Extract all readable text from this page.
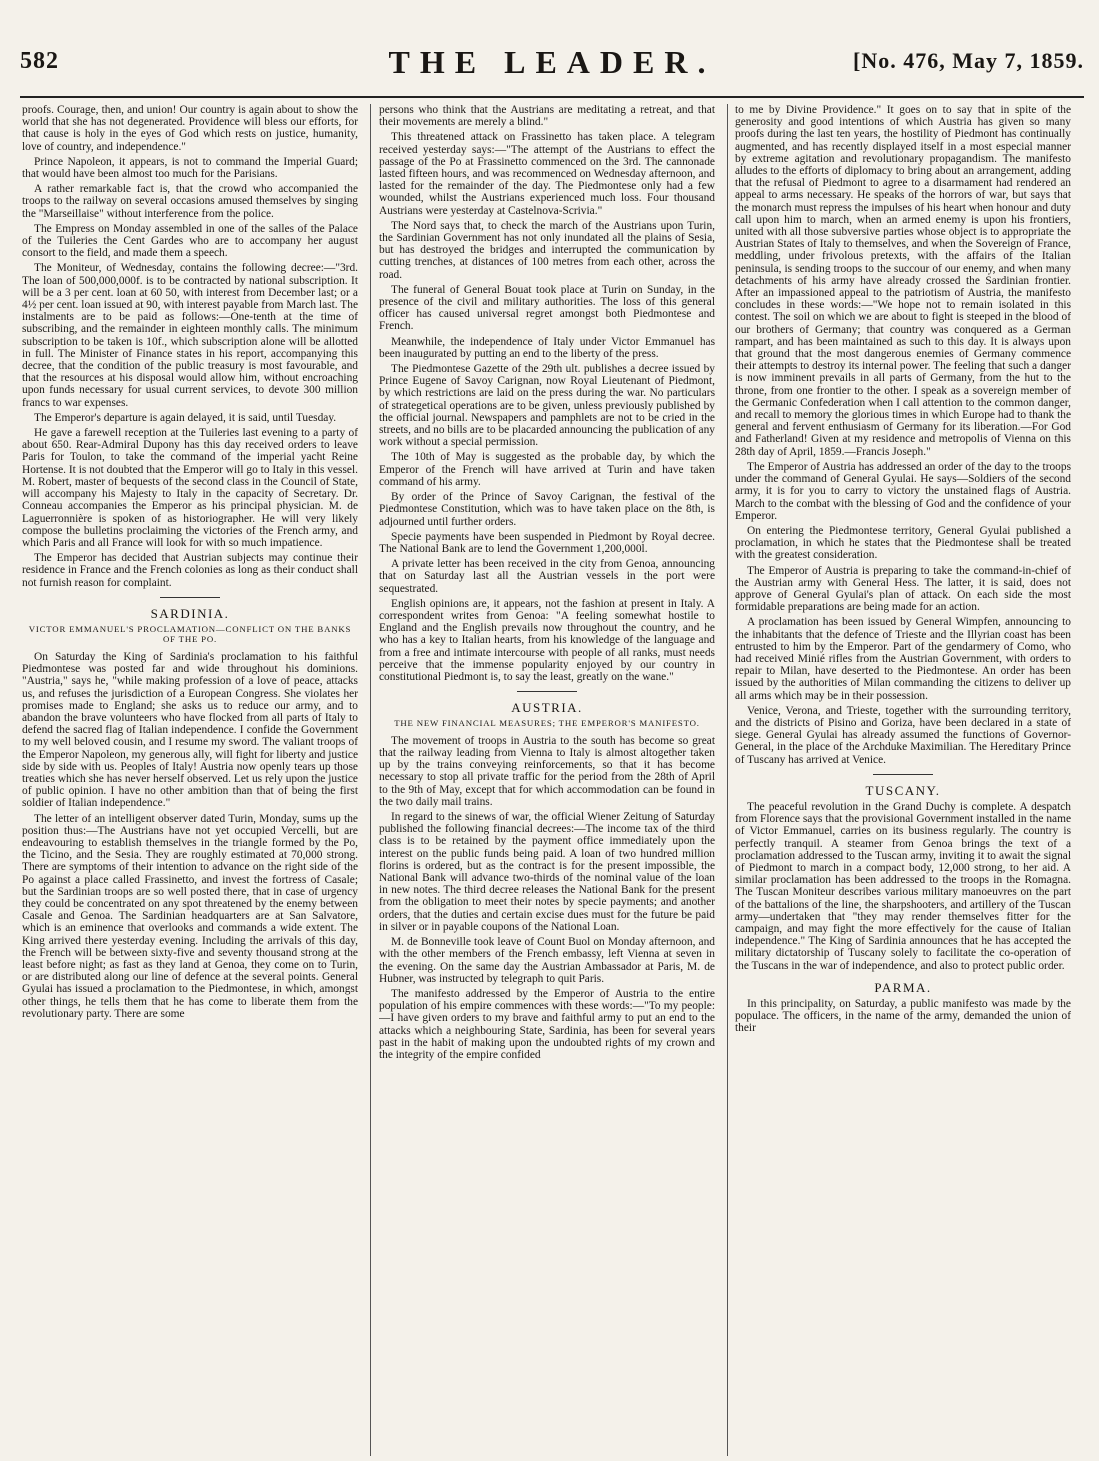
582	THE LEADER.	[No. 476, May 7, 1859.

proofs. Courage, then, and union! Our country is again about to show the world that she has not degenerated. Providence will bless our efforts, for that cause is holy in the eyes of God which rests on justice, humanity, love of country, and independence."

Prince Napoleon, it appears, is not to command the Imperial Guard; that would have been almost too much for the Parisians.

A rather remarkable fact is, that the crowd who accompanied the troops to the railway on several occasions amused themselves by singing the "Marseillaise" without interference from the police.

The Empress on Monday assembled in one of the salles of the Palace of the Tuileries the Cent Gardes who are to accompany her august consort to the field, and made them a speech.

The Moniteur, of Wednesday, contains the following decree:—"3rd. The loan of 500,000,000f. is to be contracted by national subscription. It will be a 3 per cent. loan at 60 50, with interest from December last; or a 4½ per cent. loan issued at 90, with interest payable from March last. The instalments are to be paid as follows:—One-tenth at the time of subscribing, and the remainder in eighteen monthly calls. The minimum subscription to be taken is 10f., which subscription alone will be allotted in full. The Minister of Finance states in his report, accompanying this decree, that the condition of the public treasury is most favourable, and that the resources at his disposal would allow him, without encroaching upon funds necessary for usual current services, to devote 300 million francs to war expenses.

The Emperor's departure is again delayed, it is said, until Tuesday.

He gave a farewell reception at the Tuileries last evening to a party of about 650. Rear-Admiral Dupony has this day received orders to leave Paris for Toulon, to take the command of the imperial yacht Reine Hortense. It is not doubted that the Emperor will go to Italy in this vessel. M. Robert, master of bequests of the second class in the Council of State, will accompany his Majesty to Italy in the capacity of Secretary. Dr. Conneau accompanies the Emperor as his principal physician. M. de Laguerronnière is spoken of as historiographer. He will very likely compose the bulletins proclaiming the victories of the French army, and which Paris and all France will look for with so much impatience.

The Emperor has decided that Austrian subjects may continue their residence in France and the French colonies as long as their conduct shall not furnish reason for complaint.

SARDINIA.
VICTOR EMMANUEL'S PROCLAMATION—CONFLICT ON THE BANKS OF THE PO.

On Saturday the King of Sardinia's proclamation to his faithful Piedmontese was posted far and wide throughout his dominions. "Austria," says he, "while making profession of a love of peace, attacks us, and refuses the jurisdiction of a European Congress. She violates her promises made to England; she asks us to reduce our army, and to abandon the brave volunteers who have flocked from all parts of Italy to defend the sacred flag of Italian independence. I confide the Government to my well beloved cousin, and I resume my sword. The valiant troops of the Emperor Napoleon, my generous ally, will fight for liberty and justice side by side with us. Peoples of Italy! Austria now openly tears up those treaties which she has never herself observed. Let us rely upon the justice of public opinion. I have no other ambition than that of being the first soldier of Italian independence."

The letter of an intelligent observer dated Turin, Monday, sums up the position thus:—The Austrians have not yet occupied Vercelli, but are endeavouring to establish themselves in the triangle formed by the Po, the Ticino, and the Sesia. They are roughly estimated at 70,000 strong. There are symptoms of their intention to advance on the right side of the Po against a place called Frassinetto, and invest the fortress of Casale; but the Sardinian troops are so well posted there, that in case of urgency they could be concentrated on any spot threatened by the enemy between Casale and Genoa. The Sardinian headquarters are at San Salvatore, which is an eminence that overlooks and commands a wide extent. The King arrived there yesterday evening. Including the arrivals of this day, the French will be between sixty-five and seventy thousand strong at the least before night; as fast as they land at Genoa, they come on to Turin, or are distributed along our line of defence at the several points. General Gyulai has issued a proclamation to the Piedmontese, in which, amongst other things, he tells them that he has come to liberate them from the revolutionary party. There are some

persons who think that the Austrians are meditating a retreat, and that their movements are merely a blind."

This threatened attack on Frassinetto has taken place. A telegram received yesterday says:—"The attempt of the Austrians to effect the passage of the Po at Frassinetto commenced on the 3rd. The cannonade lasted fifteen hours, and was recommenced on Wednesday afternoon, and lasted for the remainder of the day. The Piedmontese only had a few wounded, whilst the Austrians experienced much loss. Four thousand Austrians were yesterday at Castelnova-Scrivia."

The Nord says that, to check the march of the Austrians upon Turin, the Sardinian Government has not only inundated all the plains of Sesia, but has destroyed the bridges and interrupted the communication by cutting trenches, at distances of 100 metres from each other, across the road.

The funeral of General Bouat took place at Turin on Sunday, in the presence of the civil and military authorities. The loss of this general officer has caused universal regret amongst both Piedmontese and French.

Meanwhile, the independence of Italy under Victor Emmanuel has been inaugurated by putting an end to the liberty of the press.

The Piedmontese Gazette of the 29th ult. publishes a decree issued by Prince Eugene of Savoy Carignan, now Royal Lieutenant of Piedmont, by which restrictions are laid on the press during the war. No particulars of strategetical operations are to be given, unless previously published by the official journal. Newspapers and pamphlets are not to be cried in the streets, and no bills are to be placarded announcing the publication of any work without a special permission.

The 10th of May is suggested as the probable day, by which the Emperor of the French will have arrived at Turin and have taken command of his army.

By order of the Prince of Savoy Carignan, the festival of the Piedmontese Constitution, which was to have taken place on the 8th, is adjourned until further orders.

Specie payments have been suspended in Piedmont by Royal decree. The National Bank are to lend the Government 1,200,000l.

A private letter has been received in the city from Genoa, announcing that on Saturday last all the Austrian vessels in the port were sequestrated.

English opinions are, it appears, not the fashion at present in Italy. A correspondent writes from Genoa: "A feeling somewhat hostile to England and the English prevails now throughout the country, and he who has a key to Italian hearts, from his knowledge of the language and from a free and intimate intercourse with people of all ranks, must needs perceive that the immense popularity enjoyed by our country in constitutional Piedmont is, to say the least, greatly on the wane."

AUSTRIA.
THE NEW FINANCIAL MEASURES; THE EMPEROR'S MANIFESTO.

The movement of troops in Austria to the south has become so great that the railway leading from Vienna to Italy is almost altogether taken up by the trains conveying reinforcements, so that it has become necessary to stop all private traffic for the period from the 28th of April to the 9th of May, except that for which accommodation can be found in the two daily mail trains.

In regard to the sinews of war, the official Wiener Zeitung of Saturday published the following financial decrees:—The income tax of the third class is to be retained by the payment office immediately upon the interest on the public funds being paid. A loan of two hundred million florins is ordered, but as the contract is for the present impossible, the National Bank will advance two-thirds of the nominal value of the loan in new notes. The third decree releases the National Bank for the present from the obligation to meet their notes by specie payments; and another orders, that the duties and certain excise dues must for the future be paid in silver or in payable coupons of the National Loan.

M. de Bonneville took leave of Count Buol on Monday afternoon, and with the other members of the French embassy, left Vienna at seven in the evening. On the same day the Austrian Ambassador at Paris, M. de Hubner, was instructed by telegraph to quit Paris.

The manifesto addressed by the Emperor of Austria to the entire population of his empire commences with these words:—"To my people:—I have given orders to my brave and faithful army to put an end to the attacks which a neighbouring State, Sardinia, has been for several years past in the habit of making upon the undoubted rights of my crown and the integrity of the empire confided

to me by Divine Providence." It goes on to say that in spite of the generosity and good intentions of which Austria has given so many proofs during the last ten years, the hostility of Piedmont has continually augmented, and has recently displayed itself in a most especial manner by extreme agitation and revolutionary propagandism. The manifesto alludes to the efforts of diplomacy to bring about an arrangement, adding that the refusal of Piedmont to agree to a disarmament had rendered an appeal to arms necessary. He speaks of the horrors of war, but says that the monarch must repress the impulses of his heart when honour and duty call upon him to march, when an armed enemy is upon his frontiers, united with all those subversive parties whose object is to appropriate the Austrian States of Italy to themselves, and when the Sovereign of France, meddling, under frivolous pretexts, with the affairs of the Italian peninsula, is sending troops to the succour of our enemy, and when many detachments of his army have already crossed the Sardinian frontier. After an impassioned appeal to the patriotism of Austria, the manifesto concludes in these words:—"We hope not to remain isolated in this contest. The soil on which we are about to fight is steeped in the blood of our brothers of Germany; that country was conquered as a German rampart, and has been maintained as such to this day. It is always upon that ground that the most dangerous enemies of Germany commence their attempts to destroy its internal power. The feeling that such a danger is now imminent prevails in all parts of Germany, from the hut to the throne, from one frontier to the other. I speak as a sovereign member of the Germanic Confederation when I call attention to the common danger, and recall to memory the glorious times in which Europe had to thank the general and fervent enthusiasm of Germany for its liberation.—For God and Fatherland! Given at my residence and metropolis of Vienna on this 28th day of April, 1859.—Francis Joseph."

The Emperor of Austria has addressed an order of the day to the troops under the command of General Gyulai. He says—Soldiers of the second army, it is for you to carry to victory the unstained flags of Austria. March to the combat with the blessing of God and the confidence of your Emperor.

On entering the Piedmontese territory, General Gyulai published a proclamation, in which he states that the Piedmontese shall be treated with the greatest consideration.

The Emperor of Austria is preparing to take the command-in-chief of the Austrian army with General Hess. The latter, it is said, does not approve of General Gyulai's plan of attack. On each side the most formidable preparations are being made for an action.

A proclamation has been issued by General Wimpfen, announcing to the inhabitants that the defence of Trieste and the Illyrian coast has been entrusted to him by the Emperor. Part of the gendarmery of Como, who had received Minié rifles from the Austrian Government, with orders to repair to Milan, have deserted to the Piedmontese. An order has been issued by the authorities of Milan commanding the citizens to deliver up all arms which may be in their possession.

Venice, Verona, and Trieste, together with the surrounding territory, and the districts of Pisino and Goriza, have been declared in a state of siege. General Gyulai has already assumed the functions of Governor-General, in the place of the Archduke Maximilian. The Hereditary Prince of Tuscany has arrived at Venice.

TUSCANY.

The peaceful revolution in the Grand Duchy is complete. A despatch from Florence says that the provisional Government installed in the name of Victor Emmanuel, carries on its business regularly. The country is perfectly tranquil. A steamer from Genoa brings the text of a proclamation addressed to the Tuscan army, inviting it to await the signal of Piedmont to march in a compact body, 12,000 strong, to her aid. A similar proclamation has been addressed to the troops in the Romagna. The Tuscan Moniteur describes various military manoeuvres on the part of the battalions of the line, the sharpshooters, and artillery of the Tuscan army—undertaken that "they may render themselves fitter for the campaign, and may fight the more effectively for the cause of Italian independence." The King of Sardinia announces that he has accepted the military dictatorship of Tuscany solely to facilitate the co-operation of the Tuscans in the war of independence, and also to protect public order.

PARMA.

In this principality, on Saturday, a public manifesto was made by the populace. The officers, in the name of the army, demanded the union of their
